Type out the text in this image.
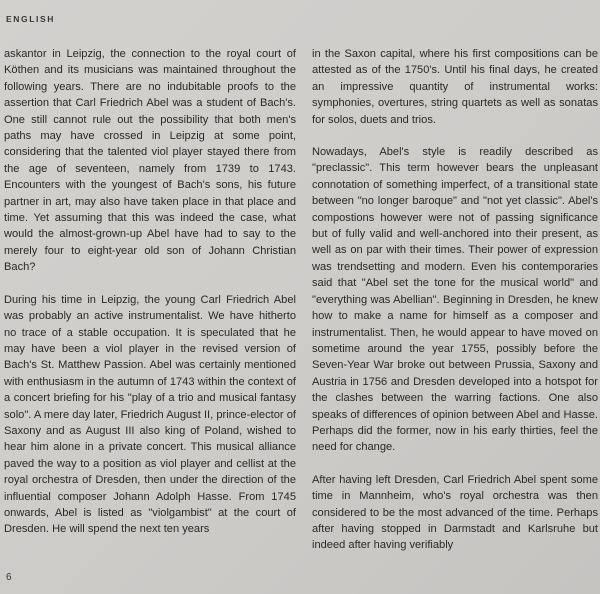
ENGLISH

askantor in Leipzig, the connection to the royal court of Köthen and its musicians was maintained throughout the following years. There are no indubitable proofs to the assertion that Carl Friedrich Abel was a student of Bach's. One still cannot rule out the possibility that both men's paths may have crossed in Leipzig at some point, considering that the talented viol player stayed there from the age of seventeen, namely from 1739 to 1743. Encounters with the youngest of Bach's sons, his future partner in art, may also have taken place in that place and time. Yet assuming that this was indeed the case, what would the almost-grown-up Abel have had to say to the merely four to eight-year old son of Johann Christian Bach?

During his time in Leipzig, the young Carl Friedrich Abel was probably an active instrumentalist. We have hitherto no trace of a stable occupation. It is speculated that he may have been a viol player in the revised version of Bach's St. Matthew Passion. Abel was certainly mentioned with enthusiasm in the autumn of 1743 within the context of a concert briefing for his "play of a trio and musical fantasy solo". A mere day later, Friedrich August II, prince-elector of Saxony and as August III also king of Poland, wished to hear him alone in a private concert. This musical alliance paved the way to a position as viol player and cellist at the royal orchestra of Dresden, then under the direction of the influential composer Johann Adolph Hasse. From 1745 onwards, Abel is listed as "violgambist" at the court of Dresden. He will spend the next ten years

in the Saxon capital, where his first compositions can be attested as of the 1750's. Until his final days, he created an impressive quantity of instrumental works: symphonies, overtures, string quartets as well as sonatas for solos, duets and trios.

Nowadays, Abel's style is readily described as "preclassic". This term however bears the unpleasant connotation of something imperfect, of a transitional state between "no longer baroque" and "not yet classic". Abel's compostions however were not of passing significance but of fully valid and well-anchored into their present, as well as on par with their times. Their power of expression was trendsetting and modern. Even his contemporaries said that "Abel set the tone for the musical world" and "everything was Abellian". Beginning in Dresden, he knew how to make a name for himself as a composer and instrumentalist. Then, he would appear to have moved on sometime around the year 1755, possibly before the Seven-Year War broke out between Prussia, Saxony and Austria in 1756 and Dresden developed into a hotspot for the clashes between the warring factions. One also speaks of differences of opinion between Abel and Hasse. Perhaps did the former, now in his early thirties, feel the need for change.

After having left Dresden, Carl Friedrich Abel spent some time in Mannheim, who's royal orchestra was then considered to be the most advanced of the time. Perhaps after having stopped in Darmstadt and Karlsruhe but indeed after having verifiably

6
